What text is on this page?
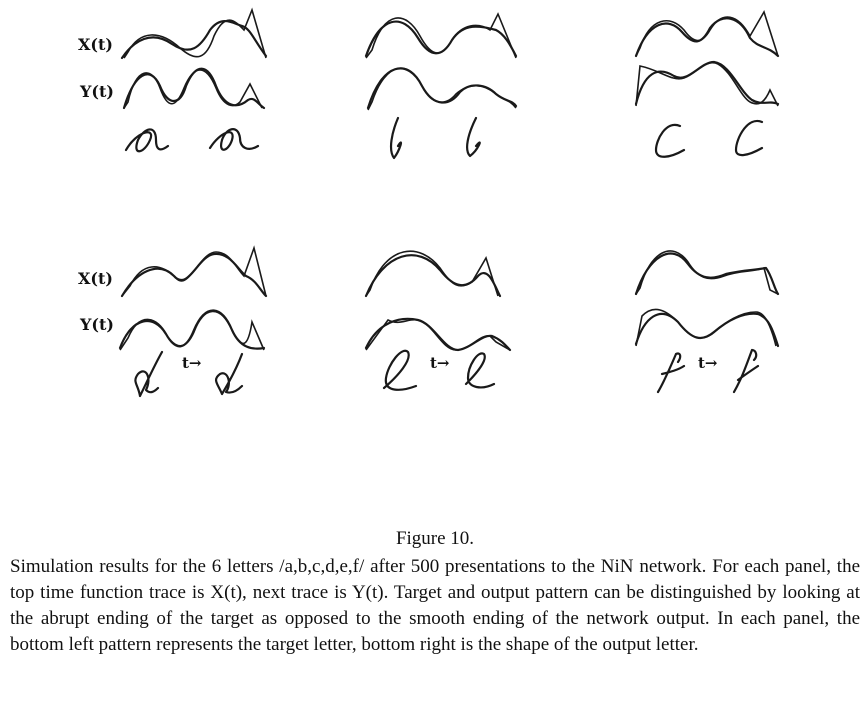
X(t)
Y(t)
X(t)
Y(t)
t→	t→	t→
Figure 10.
Simulation results for the 6 letters /a,b,c,d,e,f/ after 500 presentations to the NiN network. For each panel, the top time function trace is X(t), next trace is Y(t). Target and output pattern can be distinguished by looking at the abrupt ending of the target as opposed to the smooth ending of the network output. In each panel, the bottom left pattern represents the target letter, bottom right is the shape of the output letter.
